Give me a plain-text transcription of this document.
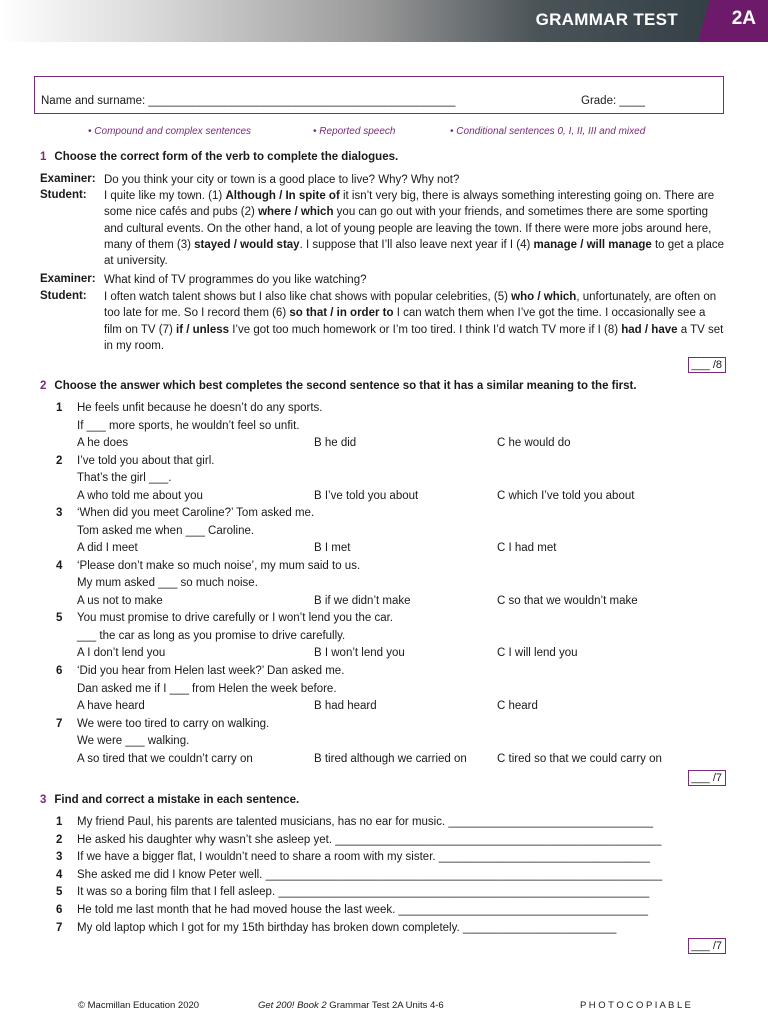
GRAMMAR TEST	2A
Name and surname: ________________________________________________	Grade: ____
• Compound and complex sentences	• Reported speech	• Conditional sentences 0, I, II, III and mixed
1 Choose the correct form of the verb to complete the dialogues.
Examiner: Do you think your city or town is a good place to live? Why? Why not?
Student: I quite like my town. (1) Although / In spite of it isn’t very big, there is always something interesting going on. There are some nice cafés and pubs (2) where / which you can go out with your friends, and sometimes there are some sporting and cultural events. On the other hand, a lot of young people are leaving the town. If there were more jobs around here, many of them (3) stayed / would stay. I suppose that I’ll also leave next year if I (4) manage / will manage to get a place at university.
Examiner: What kind of TV programmes do you like watching?
Student: I often watch talent shows but I also like chat shows with popular celebrities, (5) who / which, unfortunately, are often on too late for me. So I record them (6) so that / in order to I can watch them when I’ve got the time. I occasionally see a film on TV (7) if / unless I’ve got too much homework or I’m too tired. I think I’d watch TV more if I (8) had / have a TV set in my room.
___ /8
2 Choose the answer which best completes the second sentence so that it has a similar meaning to the first.
1 He feels unfit because he doesn’t do any sports.
If ___ more sports, he wouldn’t feel so unfit.
A he does	B he did	C he would do
2 I’ve told you about that girl.
That’s the girl ___.
A who told me about you	B I’ve told you about	C which I’ve told you about
3 ‘When did you meet Caroline?’ Tom asked me.
Tom asked me when ___ Caroline.
A did I meet	B I met	C I had met
4 ‘Please don’t make so much noise’, my mum said to us.
My mum asked ___ so much noise.
A us not to make	B if we didn’t make	C so that we wouldn’t make
5 You must promise to drive carefully or I won’t lend you the car.
___ the car as long as you promise to drive carefully.
A I don’t lend you	B I won’t lend you	C I will lend you
6 ‘Did you hear from Helen last week?’ Dan asked me.
Dan asked me if I ___ from Helen the week before.
A have heard	B had heard	C heard
7 We were too tired to carry on walking.
We were ___ walking.
A so tired that we couldn’t carry on	B tired although we carried on	C tired so that we could carry on
___ /7
3 Find and correct a mistake in each sentence.
1 My friend Paul, his parents are talented musicians, has no ear for music. ________________________________
2 He asked his daughter why wasn’t she asleep yet. ___________________________________________________
3 If we have a bigger flat, I wouldn’t need to share a room with my sister. _________________________________
4 She asked me did I know Peter well. ______________________________________________________________
5 It was so a boring film that I fell asleep. __________________________________________________________
6 He told me last month that he had moved house the last week. _______________________________________
7 My old laptop which I got for my 15th birthday has broken down completely. ________________________
___ /7
© Macmillan Education 2020	Get 200! Book 2 Grammar Test 2A Units 4-6	P H O T O C O P I A B L E
